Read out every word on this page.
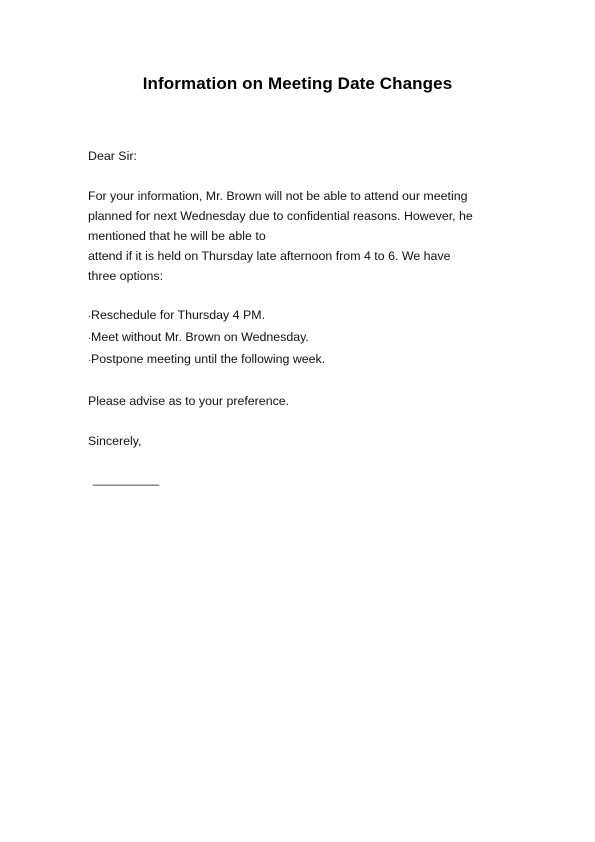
Information on Meeting Date Changes

Dear Sir:

For your information, Mr. Brown will not be able to attend our meeting

planned for next Wednesday due to confidential reasons. However, he

mentioned that he will be able to

attend if it is held on Thursday late afternoon from 4 to 6. We have

three options:

·Reschedule for Thursday 4 PM.
·Meet without Mr. Brown on Wednesday.
·Postpone meeting until the following week.

Please advise as to your preference.

Sincerely,

__________
